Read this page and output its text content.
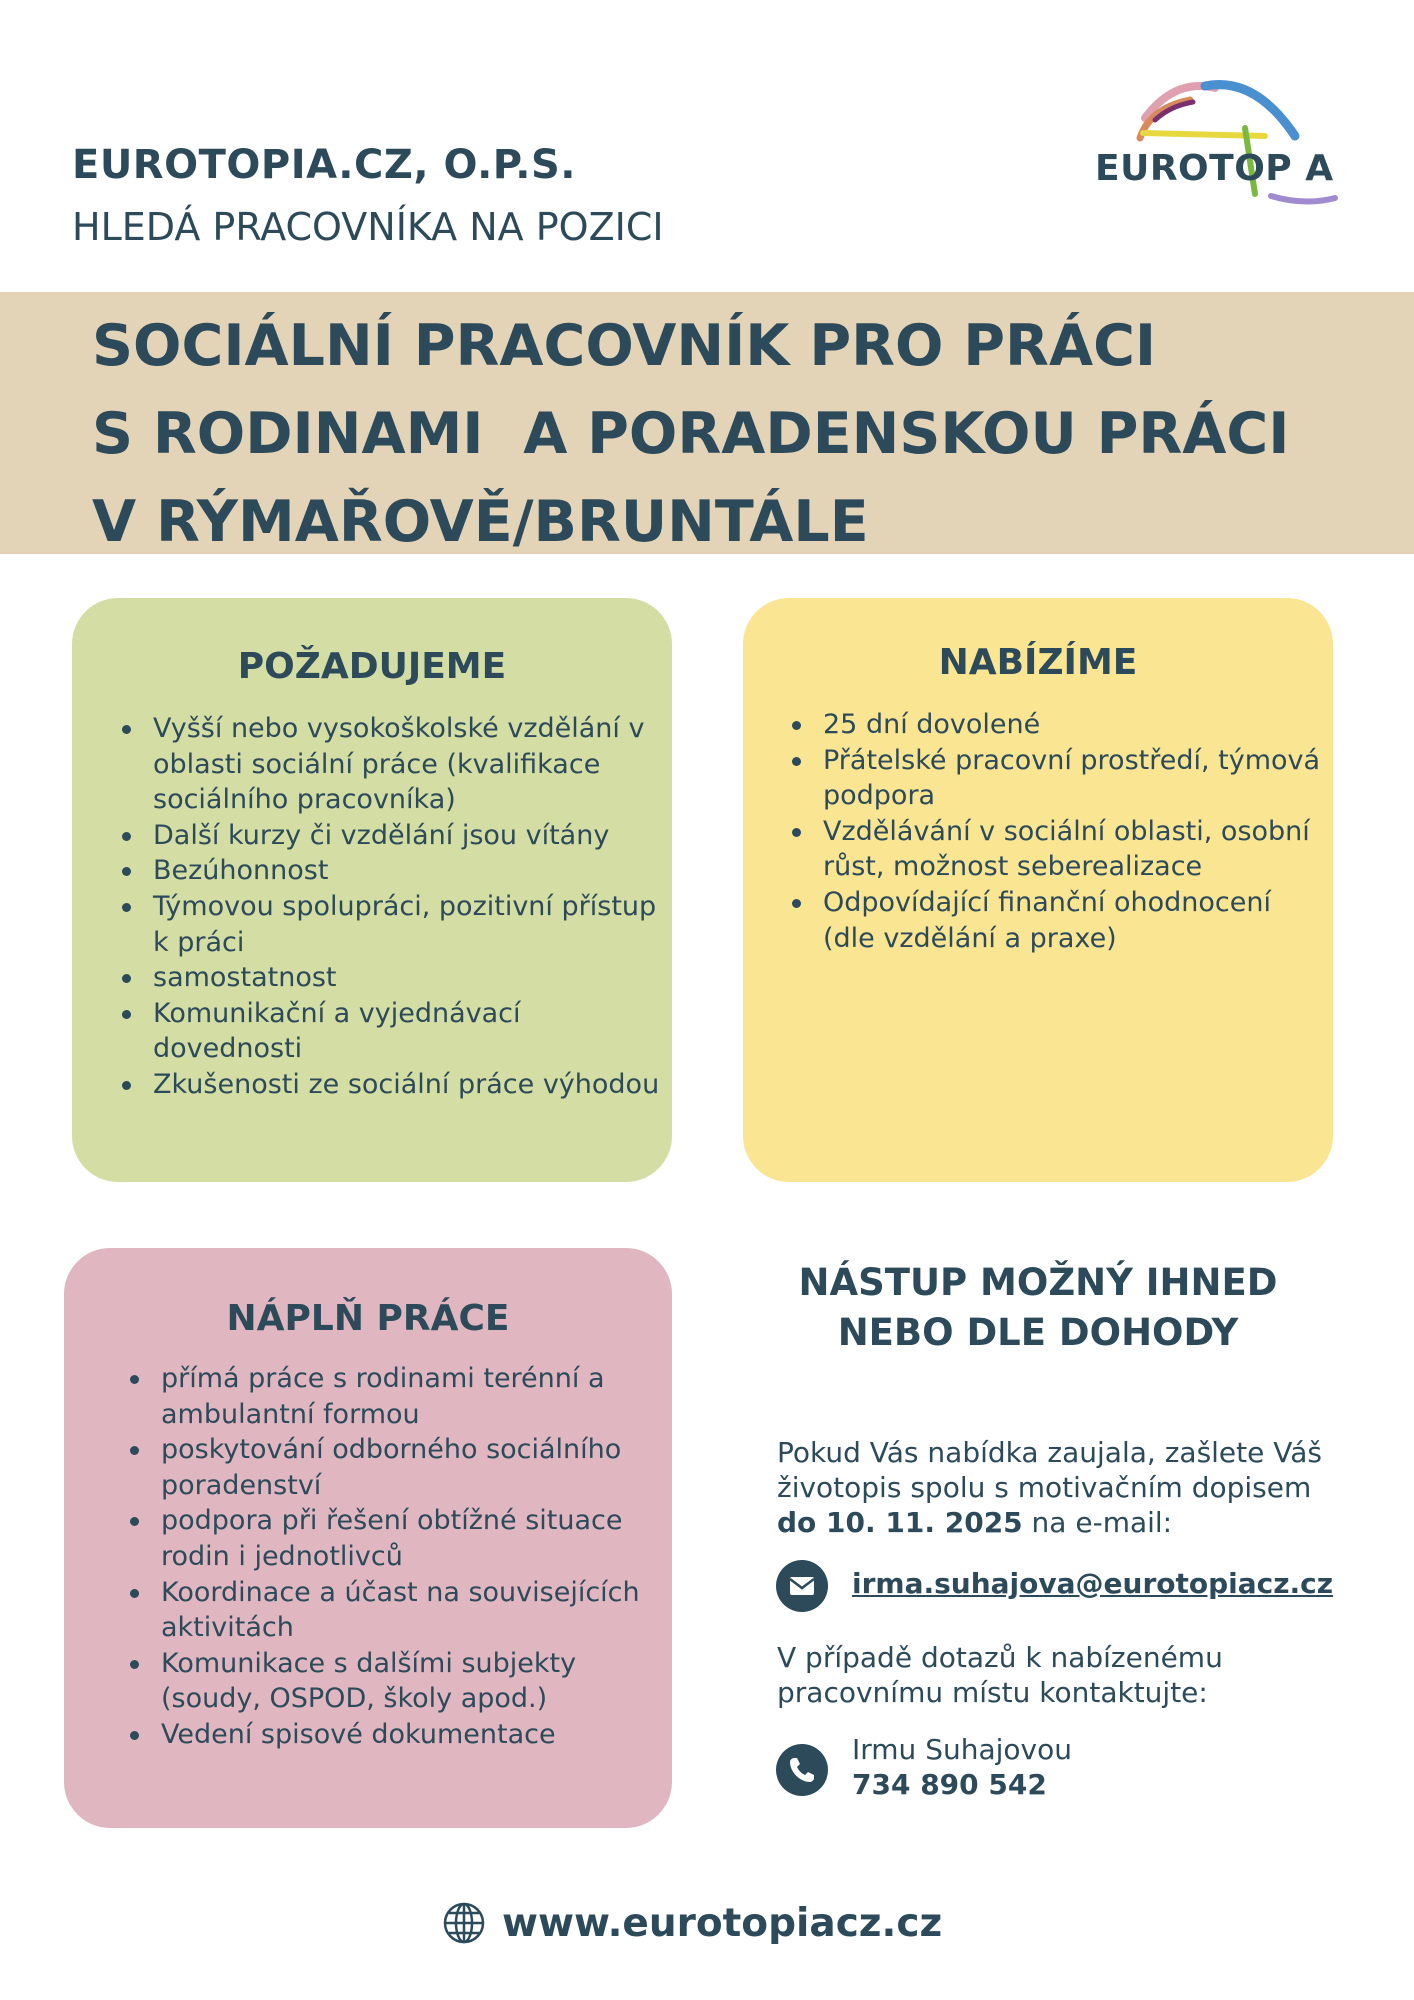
EUROTOPIA.CZ, O.P.S.
HLEDÁ PRACOVNÍKA NA POZICI
EUROTOP A
SOCIÁLNÍ PRACOVNÍK PRO PRÁCI
S RODINAMI  A PORADENSKOU PRÁCI
V RÝMAŘOVĚ/BRUNTÁLE
POŽADUJEME
Vyšší nebo vysokoškolské vzdělání v oblasti sociální práce (kvalifikace sociálního pracovníka)
Další kurzy či vzdělání jsou vítány
Bezúhonnost
Týmovou spolupráci, pozitivní přístup k práci
samostatnost
Komunikační a vyjednávací dovednosti
Zkušenosti ze sociální práce výhodou
NABÍZÍME
25 dní dovolené
Přátelské pracovní prostředí, týmová podpora
Vzdělávání v sociální oblasti, osobní růst, možnost seberealizace
Odpovídající finanční ohodnocení (dle vzdělání a praxe)
NÁPLŇ PRÁCE
přímá práce s rodinami terénní a ambulantní formou
poskytování odborného sociálního poradenství
podpora při řešení obtížné situace rodin i jednotlivců
Koordinace a účast na souvisejících aktivitách
Komunikace s dalšími subjekty (soudy, OSPOD, školy apod.)
Vedení spisové dokumentace
NÁSTUP MOŽNÝ IHNED
NEBO DLE DOHODY
Pokud Vás nabídka zaujala, zašlete Váš životopis spolu s motivačním dopisem do 10. 11. 2025 na e-mail:
irma.suhajova@eurotopiacz.cz
V případě dotazů k nabízenému pracovnímu místu kontaktujte:
Irmu Suhajovou
734 890 542
www.eurotopiacz.cz
